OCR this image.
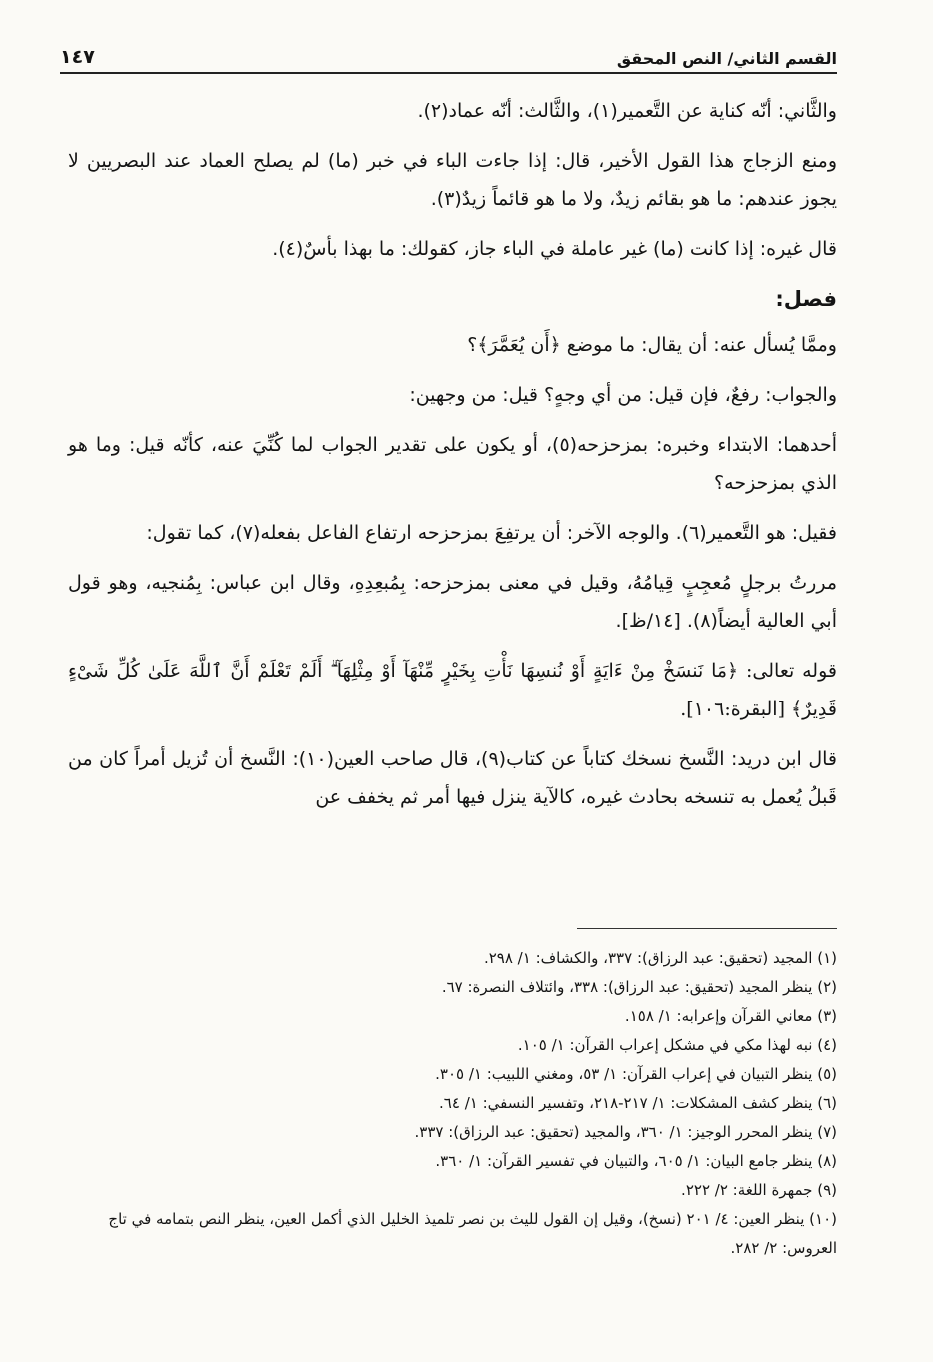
القسم الثاني/ النص المحقق
١٤٧

والثَّاني: أنّه كناية عن التَّعمير(١)، والثَّالث: أنّه عماد(٢).

ومنع الزجاج هذا القول الأخير، قال: إذا جاءت الباء في خبر (ما) لم يصلح العماد عند البصريين لا يجوز عندهم: ما هو بقائم زيدٌ، ولا ما هو قائماً زيدٌ(٣).

قال غيره: إذا كانت (ما) غير عاملة في الباء جاز، كقولك: ما بهذا بأسٌ(٤).

فصل:

وممَّا يُسأل عنه: أن يقال: ما موضع ﴿أَن يُعَمَّرَ﴾؟

والجواب: رفعٌ، فإن قيل: من أي وجهٍ؟ قيل: من وجهين:

أحدهما: الابتداء وخبره: بمزحزحه(٥)، أو يكون على تقدير الجواب لما كُنِّيَ عنه، كأنّه قيل: وما هو الذي بمزحزحه؟

فقيل: هو التَّعمير(٦). والوجه الآخر: أن يرتفِعَ بمزحزحه ارتفاع الفاعل بفعله(٧)، كما تقول:

مررتُ برجلٍ مُعجِبٍ قِيامُهُ، وقيل في معنى بمزحزحه: بِمُبعِدِهِ، وقال ابن عباس: بِمُنجيه، وهو قول أبي العالية أيضاً(٨). [١٤/ظ].

قوله تعالى: ﴿مَا نَنسَخْ مِنْ ءَايَةٍ أَوْ نُنسِهَا نَأْتِ بِخَيْرٍ مِّنْهَآ أَوْ مِثْلِهَآ ۗ أَلَمْ تَعْلَمْ أَنَّ ٱللَّهَ عَلَىٰ كُلِّ شَىْءٍ قَدِيرٌ﴾ [البقرة:١٠٦].

قال ابن دريد: النَّسخ نسخك كتاباً عن كتاب(٩)، قال صاحب العين(١٠): النَّسخ أن تُزيل أمراً كان من قَبلُ يُعمل به تنسخه بحادث غيره، كالآية ينزل فيها أمر ثم يخفف عن

(١) المجيد (تحقيق: عبد الرزاق): ٣٣٧، والكشاف: ١/ ٢٩٨.

(٢) ينظر المجيد (تحقيق: عبد الرزاق): ٣٣٨، وائتلاف النصرة: ٦٧.

(٣) معاني القرآن وإعرابه: ١/ ١٥٨.

(٤) نبه لهذا مكي في مشكل إعراب القرآن: ١/ ١٠٥.

(٥) ينظر التبيان في إعراب القرآن: ١/ ٥٣، ومغني اللبيب: ١/ ٣٠٥.

(٦) ينظر كشف المشكلات: ١/ ٢١٧-٢١٨، وتفسير النسفي: ١/ ٦٤.

(٧) ينظر المحرر الوجيز: ١/ ٣٦٠، والمجيد (تحقيق: عبد الرزاق): ٣٣٧.

(٨) ينظر جامع البيان: ١/ ٦٠٥، والتبيان في تفسير القرآن: ١/ ٣٦٠.

(٩) جمهرة اللغة: ٢/ ٢٢٢.

(١٠) ينظر العين: ٤/ ٢٠١ (نسخ)، وقيل إن القول لليث بن نصر تلميذ الخليل الذي أكمل العين، ينظر النص بتمامه في تاج العروس: ٢/ ٢٨٢.
